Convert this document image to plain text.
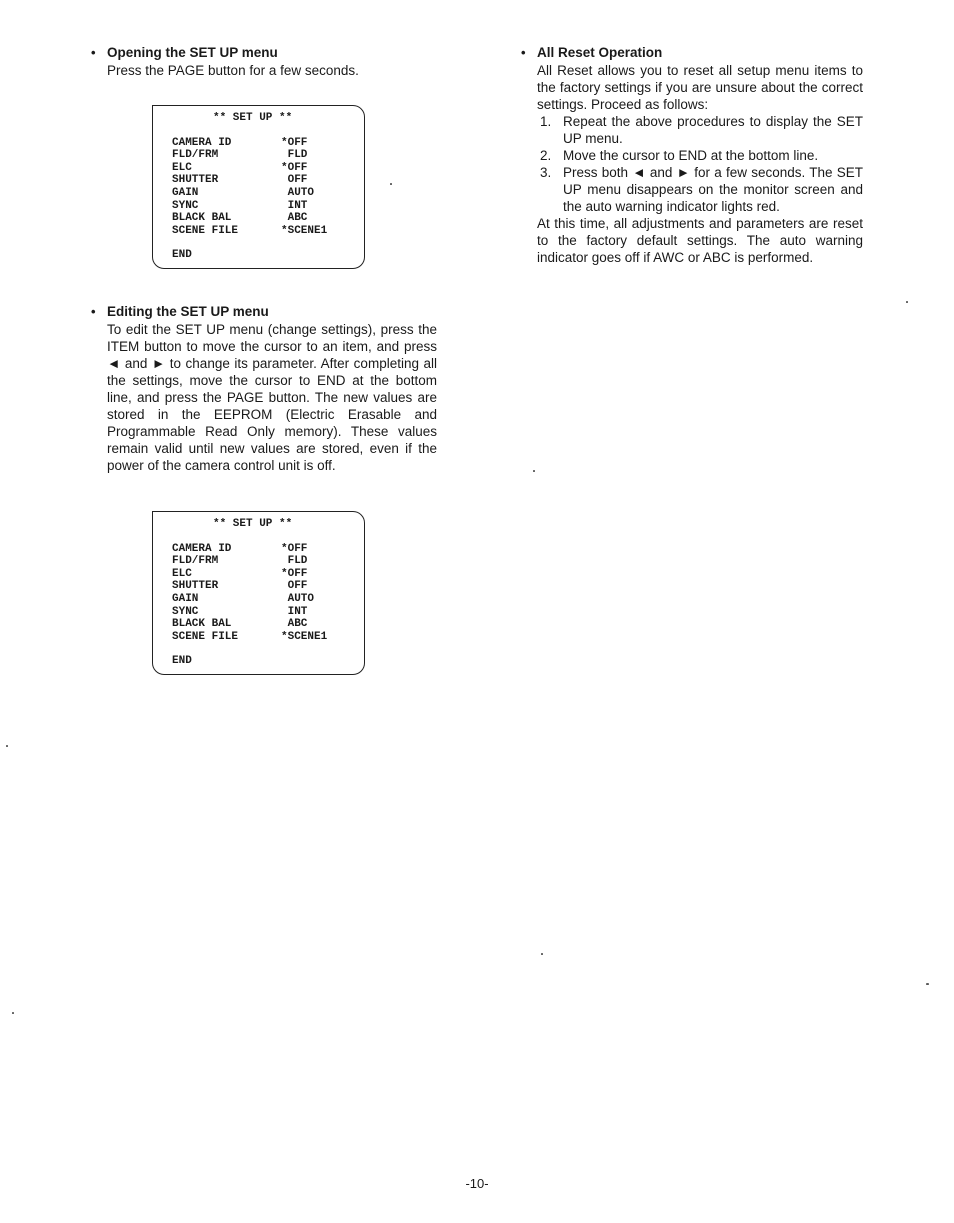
• Opening the SET UP menu

Press the PAGE button for a few seconds.

** SET UP **
CAMERA ID	*OFF
FLD/FRM	FLD
ELC	*OFF
SHUTTER	OFF
GAIN	AUTO
SYNC	INT
BLACK BAL	ABC
SCENE FILE	*SCENE1
END
• Editing the SET UP menu

To edit the SET UP menu (change settings), press the ITEM button to move the cursor to an item, and press ◄ and ► to change its parameter. After completing all the settings, move the cursor to END at the bottom line, and press the PAGE button. The new values are stored in the EEPROM (Electric Erasable and Programmable Read Only memory). These values remain valid until new values are stored, even if the power of the camera control unit is off.

** SET UP **
CAMERA ID	*OFF
FLD/FRM	FLD
ELC	*OFF
SHUTTER	OFF
GAIN	AUTO
SYNC	INT
BLACK BAL	ABC
SCENE FILE	*SCENE1
END
• All Reset Operation

All Reset allows you to reset all setup menu items to the factory settings if you are unsure about the correct settings. Proceed as follows:

1. Repeat the above procedures to display the SET UP menu.
2. Move the cursor to END at the bottom line.
3. Press both ◄ and ► for a few seconds. The SET UP menu disappears on the monitor screen and the auto warning indicator lights red.

At this time, all adjustments and parameters are reset to the factory default settings. The auto warning indicator goes off if AWC or ABC is performed.

-10-
